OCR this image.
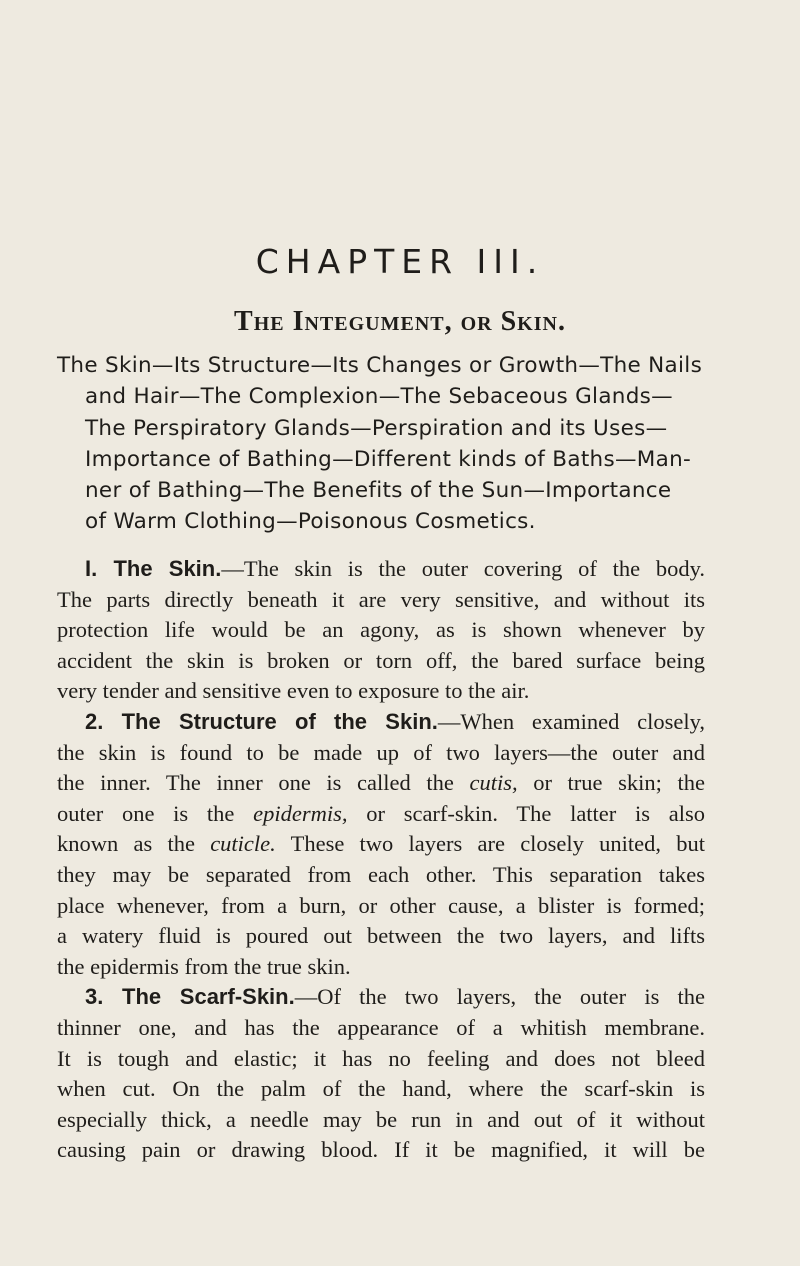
CHAPTER III.
The Integument, or Skin.
The Skin—Its Structure—Its Changes or Growth—The Nails
and Hair—The Complexion—The Sebaceous Glands—
The Perspiratory Glands—Perspiration and its Uses—
Importance of Bathing—Different kinds of Baths—Man-
ner of Bathing—The Benefits of the Sun—Importance
of Warm Clothing—Poisonous Cosmetics.
I. The Skin.—The skin is the outer covering of the body.
The parts directly beneath it are very sensitive, and without its
protection life would be an agony, as is shown whenever by
accident the skin is broken or torn off, the bared surface being
very tender and sensitive even to exposure to the air.
2. The Structure of the Skin.—When examined closely,
the skin is found to be made up of two layers—the outer and
the inner. The inner one is called the cutis, or true skin; the
outer one is the epidermis, or scarf-skin. The latter is also
known as the cuticle. These two layers are closely united, but
they may be separated from each other. This separation takes
place whenever, from a burn, or other cause, a blister is formed;
a watery fluid is poured out between the two layers, and lifts
the epidermis from the true skin.
3. The Scarf-Skin.—Of the two layers, the outer is the
thinner one, and has the appearance of a whitish membrane.
It is tough and elastic; it has no feeling and does not bleed
when cut. On the palm of the hand, where the scarf-skin is
especially thick, a needle may be run in and out of it without
causing pain or drawing blood. If it be magnified, it will be
